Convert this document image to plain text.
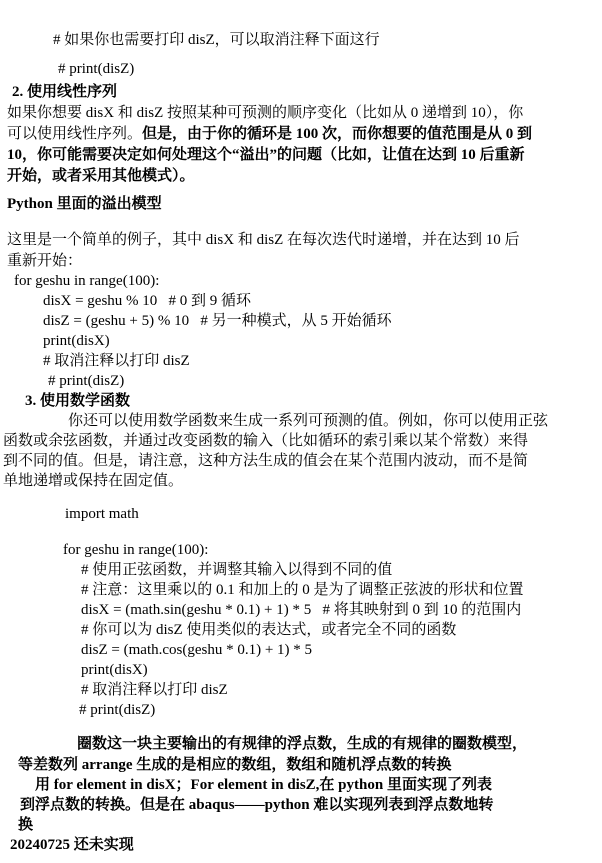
# 如果你也需要打印 disZ，可以取消注释下面这行
# print(disZ)
2. 使用线性序列
如果你想要 disX 和 disZ 按照某种可预测的顺序变化（比如从 0 递增到 10），你
可以使用线性序列。但是，由于你的循环是 100 次，而你想要的值范围是从 0 到
10，你可能需要决定如何处理这个“溢出”的问题（比如，让值在达到 10 后重新
开始，或者采用其他模式）。
Python 里面的溢出模型
这里是一个简单的例子，其中 disX 和 disZ 在每次迭代时递增，并在达到 10 后
重新开始：
for geshu in range(100):
disX = geshu % 10   # 0 到 9 循环
disZ = (geshu + 5) % 10   # 另一种模式，从 5 开始循环
print(disX)
# 取消注释以打印 disZ
# print(disZ)
3. 使用数学函数
你还可以使用数学函数来生成一系列可预测的值。例如，你可以使用正弦
函数或余弦函数，并通过改变函数的输入（比如循环的索引乘以某个常数）来得
到不同的值。但是，请注意，这种方法生成的值会在某个范围内波动，而不是简
单地递增或保持在固定值。
import math
for geshu in range(100):
# 使用正弦函数，并调整其输入以得到不同的值
# 注意：这里乘以的 0.1 和加上的 0 是为了调整正弦波的形状和位置
disX = (math.sin(geshu * 0.1) + 1) * 5   # 将其映射到 0 到 10 的范围内
# 你可以为 disZ 使用类似的表达式，或者完全不同的函数
disZ = (math.cos(geshu * 0.1) + 1) * 5
print(disX)
# 取消注释以打印 disZ
# print(disZ)
圈数这一块主要输出的有规律的浮点数，生成的有规律的圈数模型，
等差数列 arrange 生成的是相应的数组，数组和随机浮点数的转换
用 for element in disX；For element in disZ,在 python 里面实现了列表
到浮点数的转换。但是在 abaqus——python 难以实现列表到浮点数地转
换
20240725 还未实现
